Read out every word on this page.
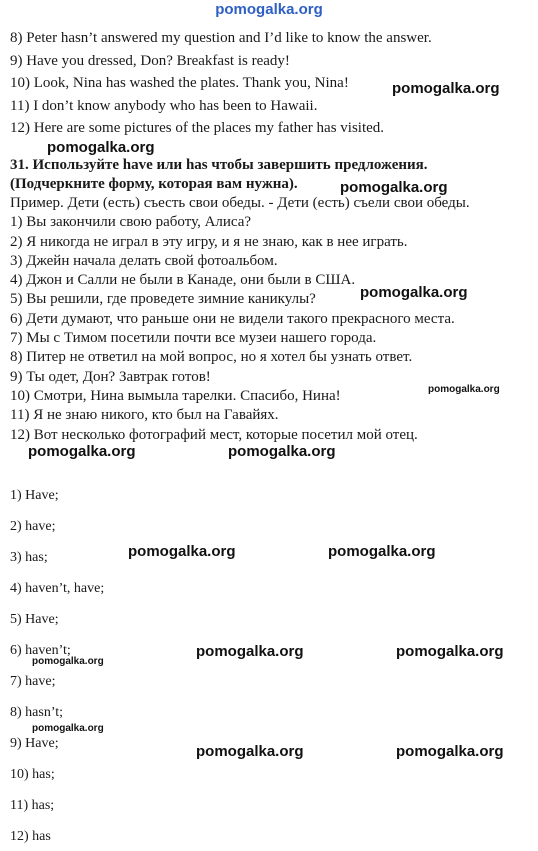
pomogalka.org
8) Peter hasn’t answered my question and I’d like to know the answer.
9) Have you dressed, Don? Breakfast is ready!
10) Look, Nina has washed the plates. Thank you, Nina!
11) I don’t know anybody who has been to Hawaii.
12) Here are some pictures of the places my father has visited.
31. Используйте have или has чтобы завершить предложения.
(Подчеркните форму, которая вам нужна).
Пример. Дети (есть) съесть свои обеды. - Дети (есть) съели свои обеды.
1) Вы закончили свою работу, Алиса?
2) Я никогда не играл в эту игру, и я не знаю, как в нее играть.
3) Джейн начала делать свой фотоальбом.
4) Джон и Салли не были в Канаде, они были в США.
5) Вы решили, где проведете зимние каникулы?
6) Дети думают, что раньше они не видели такого прекрасного места.
7) Мы с Тимом посетили почти все музеи нашего города.
8) Питер не ответил на мой вопрос, но я хотел бы узнать ответ.
9) Ты одет, Дон? Завтрак готов!
10) Смотри, Нина вымыла тарелки. Спасибо, Нина!
11) Я не знаю никого, кто был на Гавайях.
12) Вот несколько фотографий мест, которые посетил мой отец.
1) Have;
2) have;
3) has;
4) haven’t, have;
5) Have;
6) haven’t;
7) have;
8) hasn’t;
9) Have;
10) has;
11) has;
12) has
pomogalka.org
pomogalka.org
pomogalka.org
pomogalka.org
pomogalka.org
pomogalka.org	pomogalka.org
pomogalka.org	pomogalka.org
pomogalka.org	pomogalka.org
pomogalka.org
pomogalka.org
pomogalka.org	pomogalka.org
